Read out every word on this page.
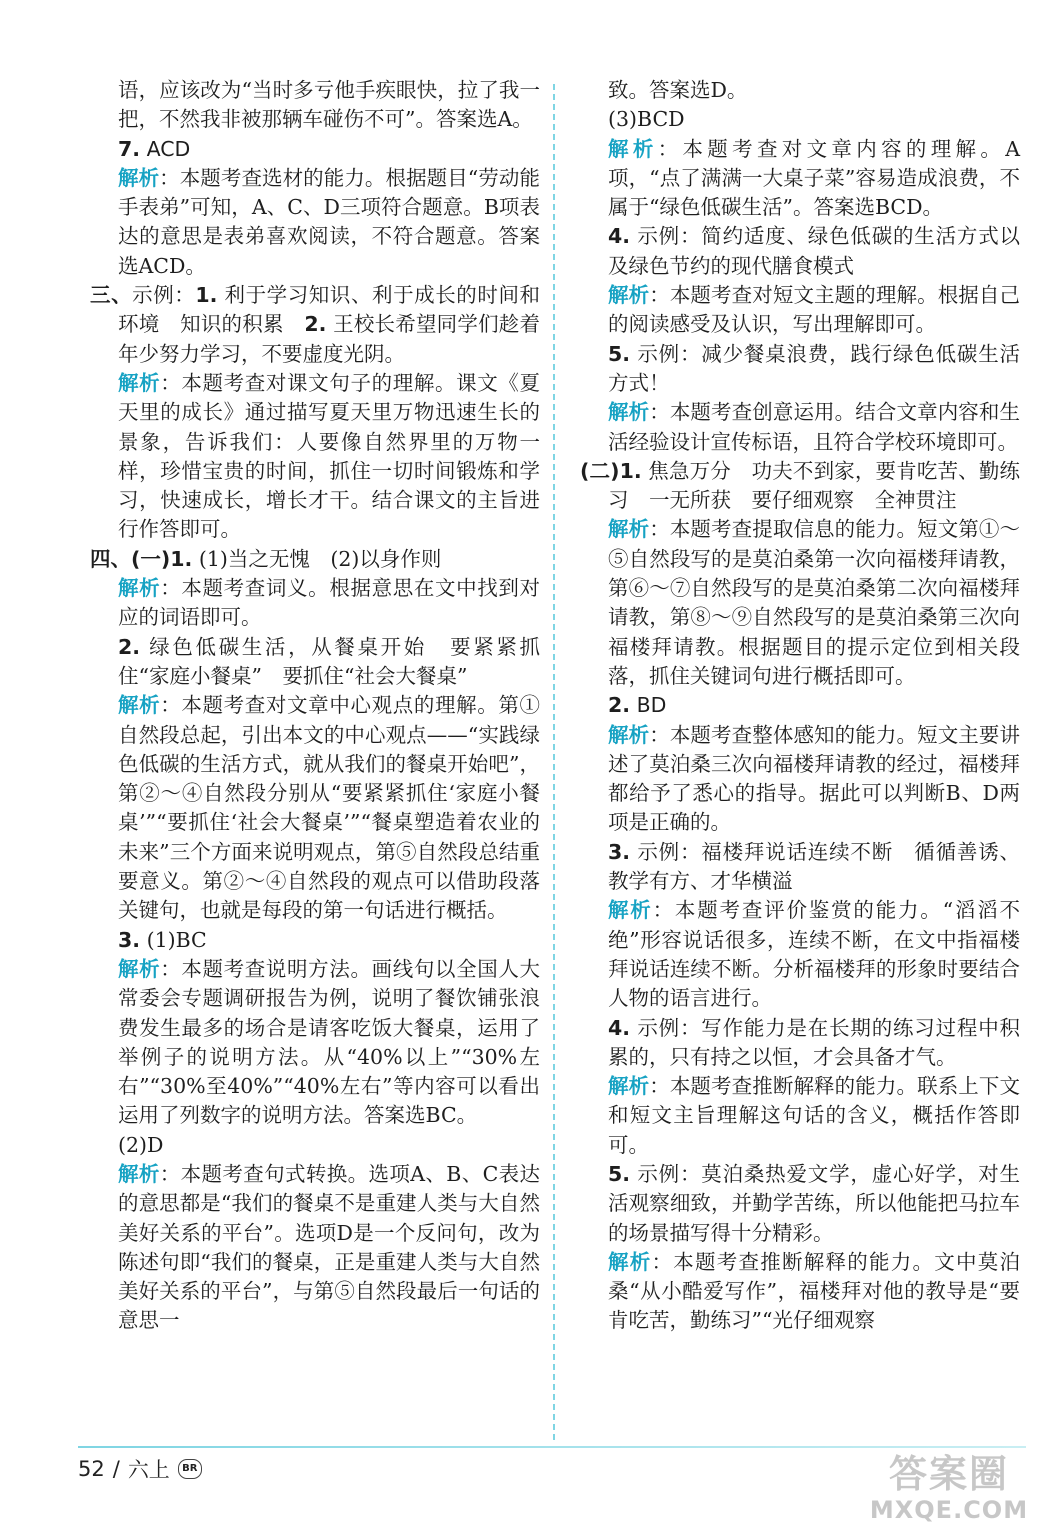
语，应该改为“当时多亏他手疾眼快，拉了我一把，不然我非被那辆车碰伤不可”。答案选A。

7. ACD

解析：本题考查选材的能力。根据题目“劳动能手表弟”可知，A、C、D三项符合题意。B项表达的意思是表弟喜欢阅读，不符合题意。答案选ACD。

三、示例：1. 利于学习知识、利于成长的时间和环境　知识的积累　2. 王校长希望同学们趁着年少努力学习，不要虚度光阴。

解析：本题考查对课文句子的理解。课文《夏天里的成长》通过描写夏天里万物迅速生长的景象，告诉我们：人要像自然界里的万物一样，珍惜宝贵的时间，抓住一切时间锻炼和学习，快速成长，增长才干。结合课文的主旨进行作答即可。

四、(一)1. (1)当之无愧　(2)以身作则

解析：本题考查词义。根据意思在文中找到对应的词语即可。

2. 绿色低碳生活，从餐桌开始　要紧紧抓住“家庭小餐桌”　要抓住“社会大餐桌”

解析：本题考查对文章中心观点的理解。第①自然段总起，引出本文的中心观点——“实践绿色低碳的生活方式，就从我们的餐桌开始吧”，第②～④自然段分别从“要紧紧抓住‘家庭小餐桌’”“要抓住‘社会大餐桌’”“餐桌塑造着农业的未来”三个方面来说明观点，第⑤自然段总结重要意义。第②～④自然段的观点可以借助段落关键句，也就是每段的第一句话进行概括。

3. (1)BC

解析：本题考查说明方法。画线句以全国人大常委会专题调研报告为例，说明了餐饮铺张浪费发生最多的场合是请客吃饭大餐桌，运用了举例子的说明方法。从“40%以上”“30%左右”“30%至40%”“40%左右”等内容可以看出运用了列数字的说明方法。答案选BC。

(2)D

解析：本题考查句式转换。选项A、B、C表达的意思都是“我们的餐桌不是重建人类与大自然美好关系的平台”。选项D是一个反问句，改为陈述句即“我们的餐桌，正是重建人类与大自然美好关系的平台”，与第⑤自然段最后一句话的意思一

致。答案选D。

(3)BCD

解析：本题考查对文章内容的理解。A项，“点了满满一大桌子菜”容易造成浪费，不属于“绿色低碳生活”。答案选BCD。

4. 示例：简约适度、绿色低碳的生活方式以及绿色节约的现代膳食模式

解析：本题考查对短文主题的理解。根据自己的阅读感受及认识，写出理解即可。

5. 示例：减少餐桌浪费，践行绿色低碳生活方式！

解析：本题考查创意运用。结合文章内容和生活经验设计宣传标语，且符合学校环境即可。

(二)1. 焦急万分　功夫不到家，要肯吃苦、勤练习　一无所获　要仔细观察　全神贯注

解析：本题考查提取信息的能力。短文第①～⑤自然段写的是莫泊桑第一次向福楼拜请教，第⑥～⑦自然段写的是莫泊桑第二次向福楼拜请教，第⑧～⑨自然段写的是莫泊桑第三次向福楼拜请教。根据题目的提示定位到相关段落，抓住关键词句进行概括即可。

2. BD

解析：本题考查整体感知的能力。短文主要讲述了莫泊桑三次向福楼拜请教的经过，福楼拜都给予了悉心的指导。据此可以判断B、D两项是正确的。

3. 示例：福楼拜说话连续不断　循循善诱、教学有方、才华横溢

解析：本题考查评价鉴赏的能力。“滔滔不绝”形容说话很多，连续不断，在文中指福楼拜说话连续不断。分析福楼拜的形象时要结合人物的语言进行。

4. 示例：写作能力是在长期的练习过程中积累的，只有持之以恒，才会具备才气。

解析：本题考查推断解释的能力。联系上下文和短文主旨理解这句话的含义，概括作答即可。

5. 示例：莫泊桑热爱文学，虚心好学，对生活观察细致，并勤学苦练，所以他能把马拉车的场景描写得十分精彩。

解析：本题考查推断解释的能力。文中莫泊桑“从小酷爱写作”，福楼拜对他的教导是“要肯吃苦，勤练习”“光仔细观察

52 / 六上	BR	答案圈
MXQE.COM
